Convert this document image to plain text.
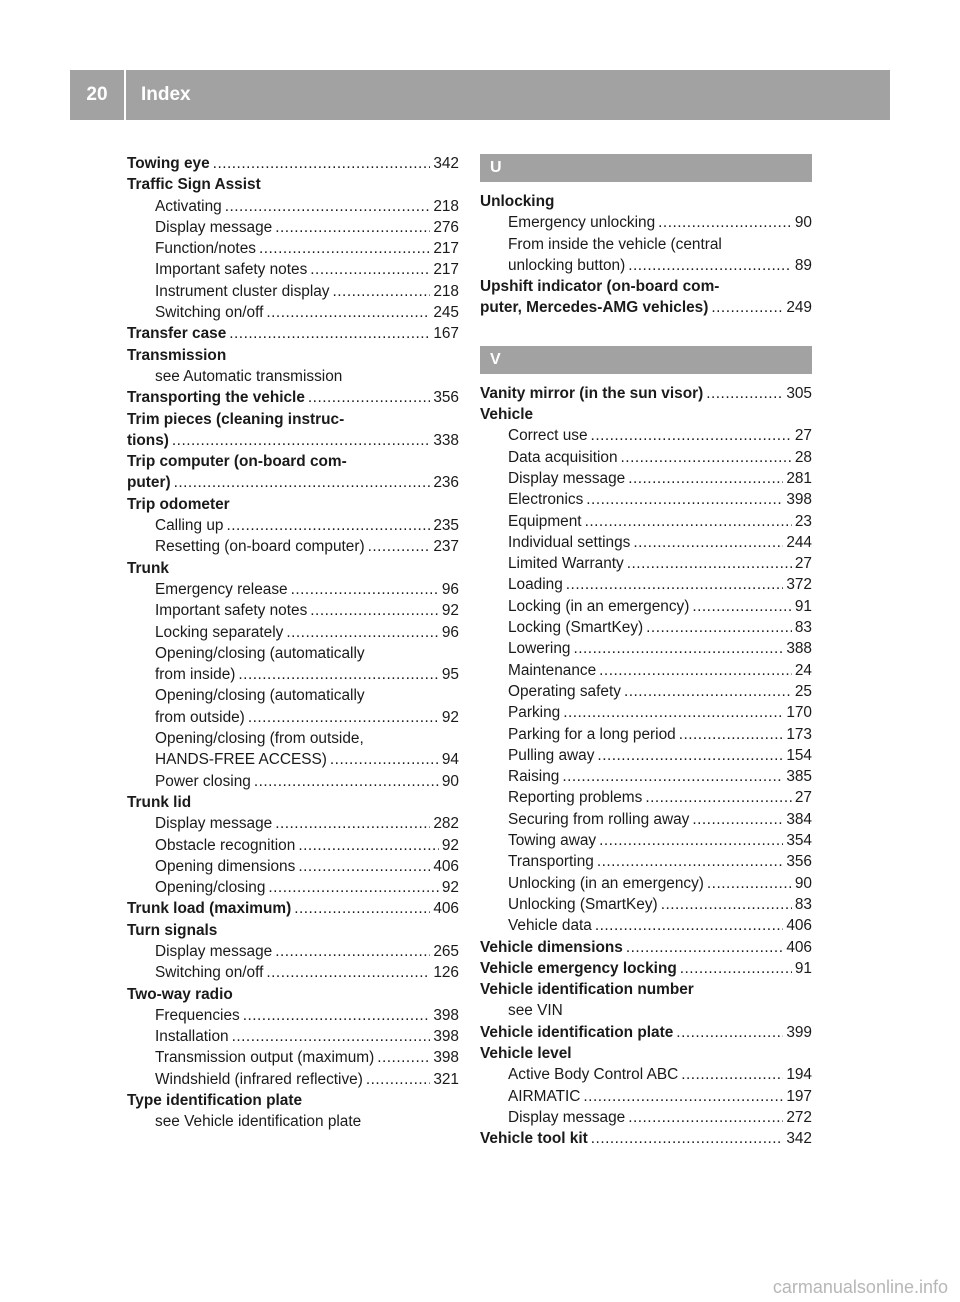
20	Index
Towing eye .....	342
Traffic Sign Assist
Activating .....	218
Display message .....	276
Function/notes .....	217
Important safety notes .....	217
Instrument cluster display .....	218
Switching on/off .....	245
Transfer case .....	167
Transmission
see Automatic transmission
Transporting the vehicle .....	356
Trim pieces (cleaning instruc-
tions) .....	338
Trip computer (on-board com-
puter) .....	236
Trip odometer
Calling up .....	235
Resetting (on-board computer) .....	237
Trunk
Emergency release .....	96
Important safety notes .....	92
Locking separately .....	96
Opening/closing (automatically
from inside) .....	95
Opening/closing (automatically
from outside) .....	92
Opening/closing (from outside,
HANDS-FREE ACCESS) .....	94
Power closing .....	90
Trunk lid
Display message .....	282
Obstacle recognition .....	92
Opening dimensions .....	406
Opening/closing .....	92
Trunk load (maximum) .....	406
Turn signals
Display message .....	265
Switching on/off .....	126
Two-way radio
Frequencies .....	398
Installation .....	398
Transmission output (maximum) .....	398
Windshield (infrared reflective) .....	321
Type identification plate
see Vehicle identification plate
U
Unlocking
Emergency unlocking .....	90
From inside the vehicle (central
unlocking button) .....	89
Upshift indicator (on-board com-
puter, Mercedes-AMG vehicles) .....	249
V
Vanity mirror (in the sun visor) .....	305
Vehicle
Correct use .....	27
Data acquisition .....	28
Display message .....	281
Electronics .....	398
Equipment .....	23
Individual settings .....	244
Limited Warranty .....	27
Loading .....	372
Locking (in an emergency) .....	91
Locking (SmartKey) .....	83
Lowering .....	388
Maintenance .....	24
Operating safety .....	25
Parking .....	170
Parking for a long period .....	173
Pulling away .....	154
Raising .....	385
Reporting problems .....	27
Securing from rolling away .....	384
Towing away .....	354
Transporting .....	356
Unlocking (in an emergency) .....	90
Unlocking (SmartKey) .....	83
Vehicle data .....	406
Vehicle dimensions .....	406
Vehicle emergency locking .....	91
Vehicle identification number
see VIN
Vehicle identification plate .....	399
Vehicle level
Active Body Control ABC .....	194
AIRMATIC .....	197
Display message .....	272
Vehicle tool kit .....	342
carmanualsonline.info
